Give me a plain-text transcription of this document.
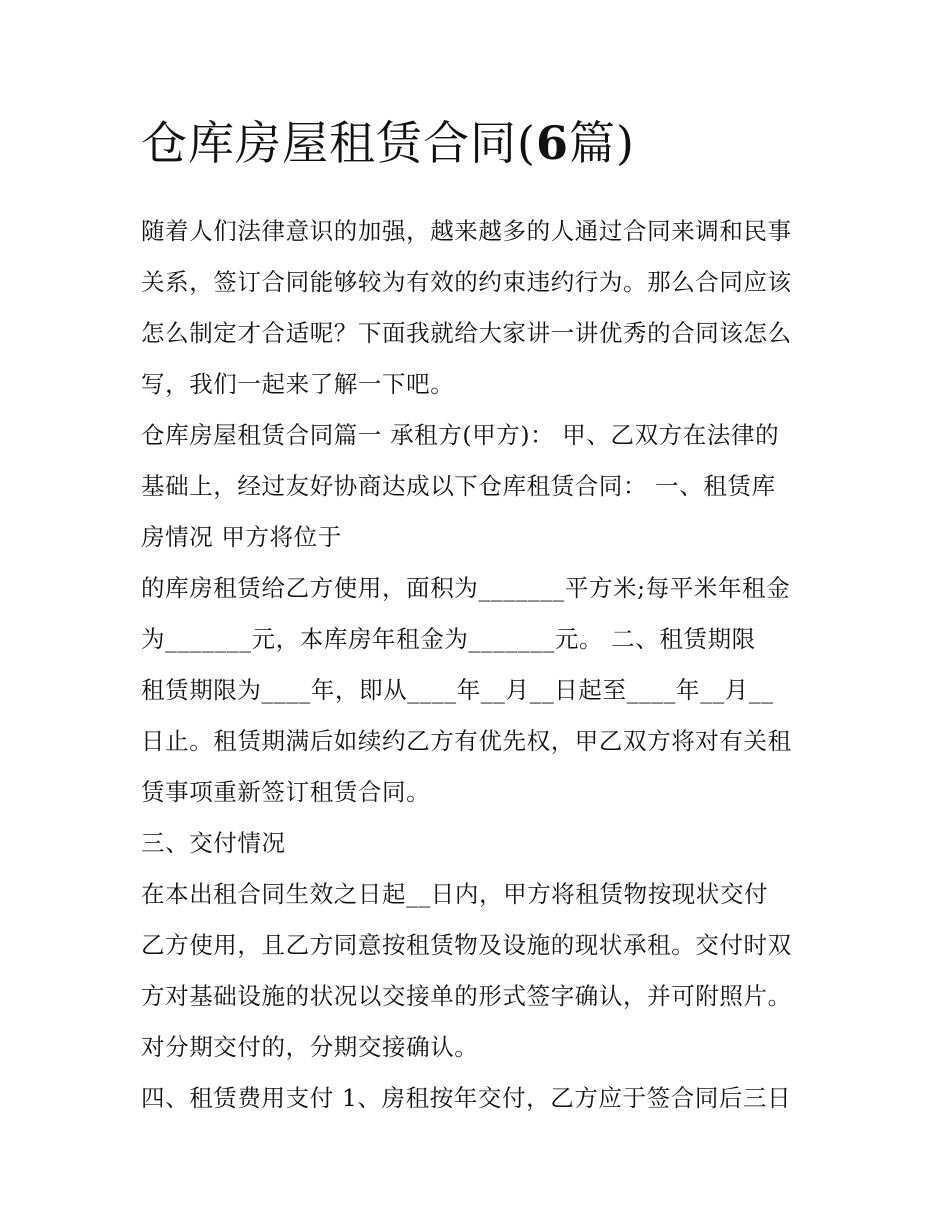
仓库房屋租赁合同(6篇)
随着人们法律意识的加强，越来越多的人通过合同来调和民事
关系，签订合同能够较为有效的约束违约行为。那么合同应该
怎么制定才合适呢？下面我就给大家讲一讲优秀的合同该怎么
写，我们一起来了解一下吧。
仓库房屋租赁合同篇一 承租方(甲方)： 甲、乙双方在法律的
基础上，经过友好协商达成以下仓库租赁合同： 一、租赁库
房情况 甲方将位于
的库房租赁给乙方使用，面积为_______平方米;每平米年租金
为_______元，本库房年租金为_______元。 二、租赁期限
租赁期限为____年，即从____年__月__日起至____年__月__
日止。租赁期满后如续约乙方有优先权，甲乙双方将对有关租
赁事项重新签订租赁合同。
三、交付情况
在本出租合同生效之日起__日内，甲方将租赁物按现状交付
乙方使用，且乙方同意按租赁物及设施的现状承租。交付时双
方对基础设施的状况以交接单的形式签字确认，并可附照片。
对分期交付的，分期交接确认。
四、租赁费用支付 1、房租按年交付，乙方应于签合同后三日
